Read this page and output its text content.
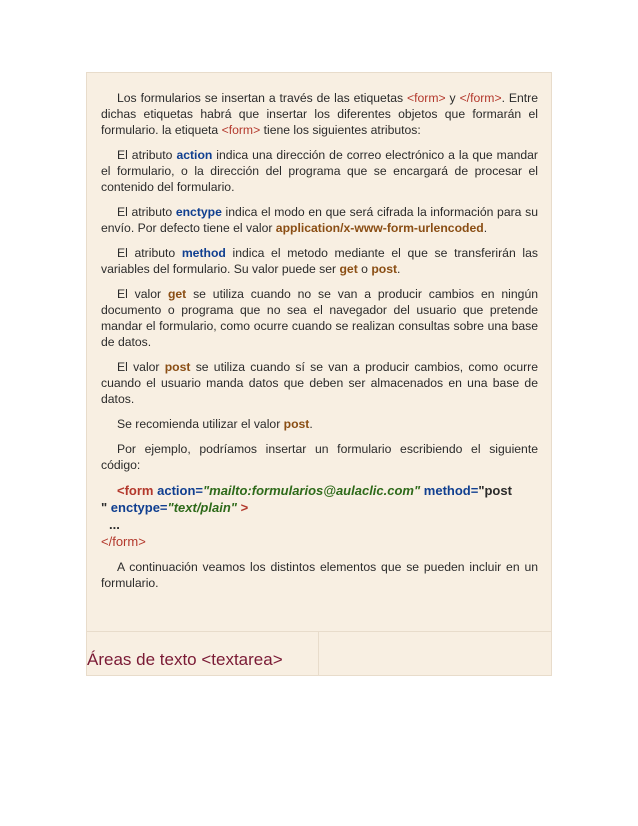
Los formularios se insertan a través de las etiquetas <form> y </form>. Entre dichas etiquetas habrá que insertar los diferentes objetos que formarán el formulario. la etiqueta <form> tiene los siguientes atributos:

El atributo action indica una dirección de correo electrónico a la que mandar el formulario, o la dirección del programa que se encargará de procesar el contenido del formulario.

El atributo enctype indica el modo en que será cifrada la información para su envío. Por defecto tiene el valor application/x-www-form-urlencoded.

El atributo method indica el metodo mediante el que se transferirán las variables del formulario. Su valor puede ser get o post.

El valor get se utiliza cuando no se van a producir cambios en ningún documento o programa que no sea el navegador del usuario que pretende mandar el formulario, como ocurre cuando se realizan consultas sobre una base de datos.

El valor post se utiliza cuando sí se van a producir cambios, como ocurre cuando el usuario manda datos que deben ser almacenados en una base de datos.

Se recomienda utilizar el valor post.

Por ejemplo, podríamos insertar un formulario escribiendo el siguiente código:

<form action="mailto:formularios@aulaclic.com" method="post
" enctype="text/plain" >
...
</form>

A continuación veamos los distintos elementos que se pueden incluir en un formulario.

Áreas de texto <textarea>
